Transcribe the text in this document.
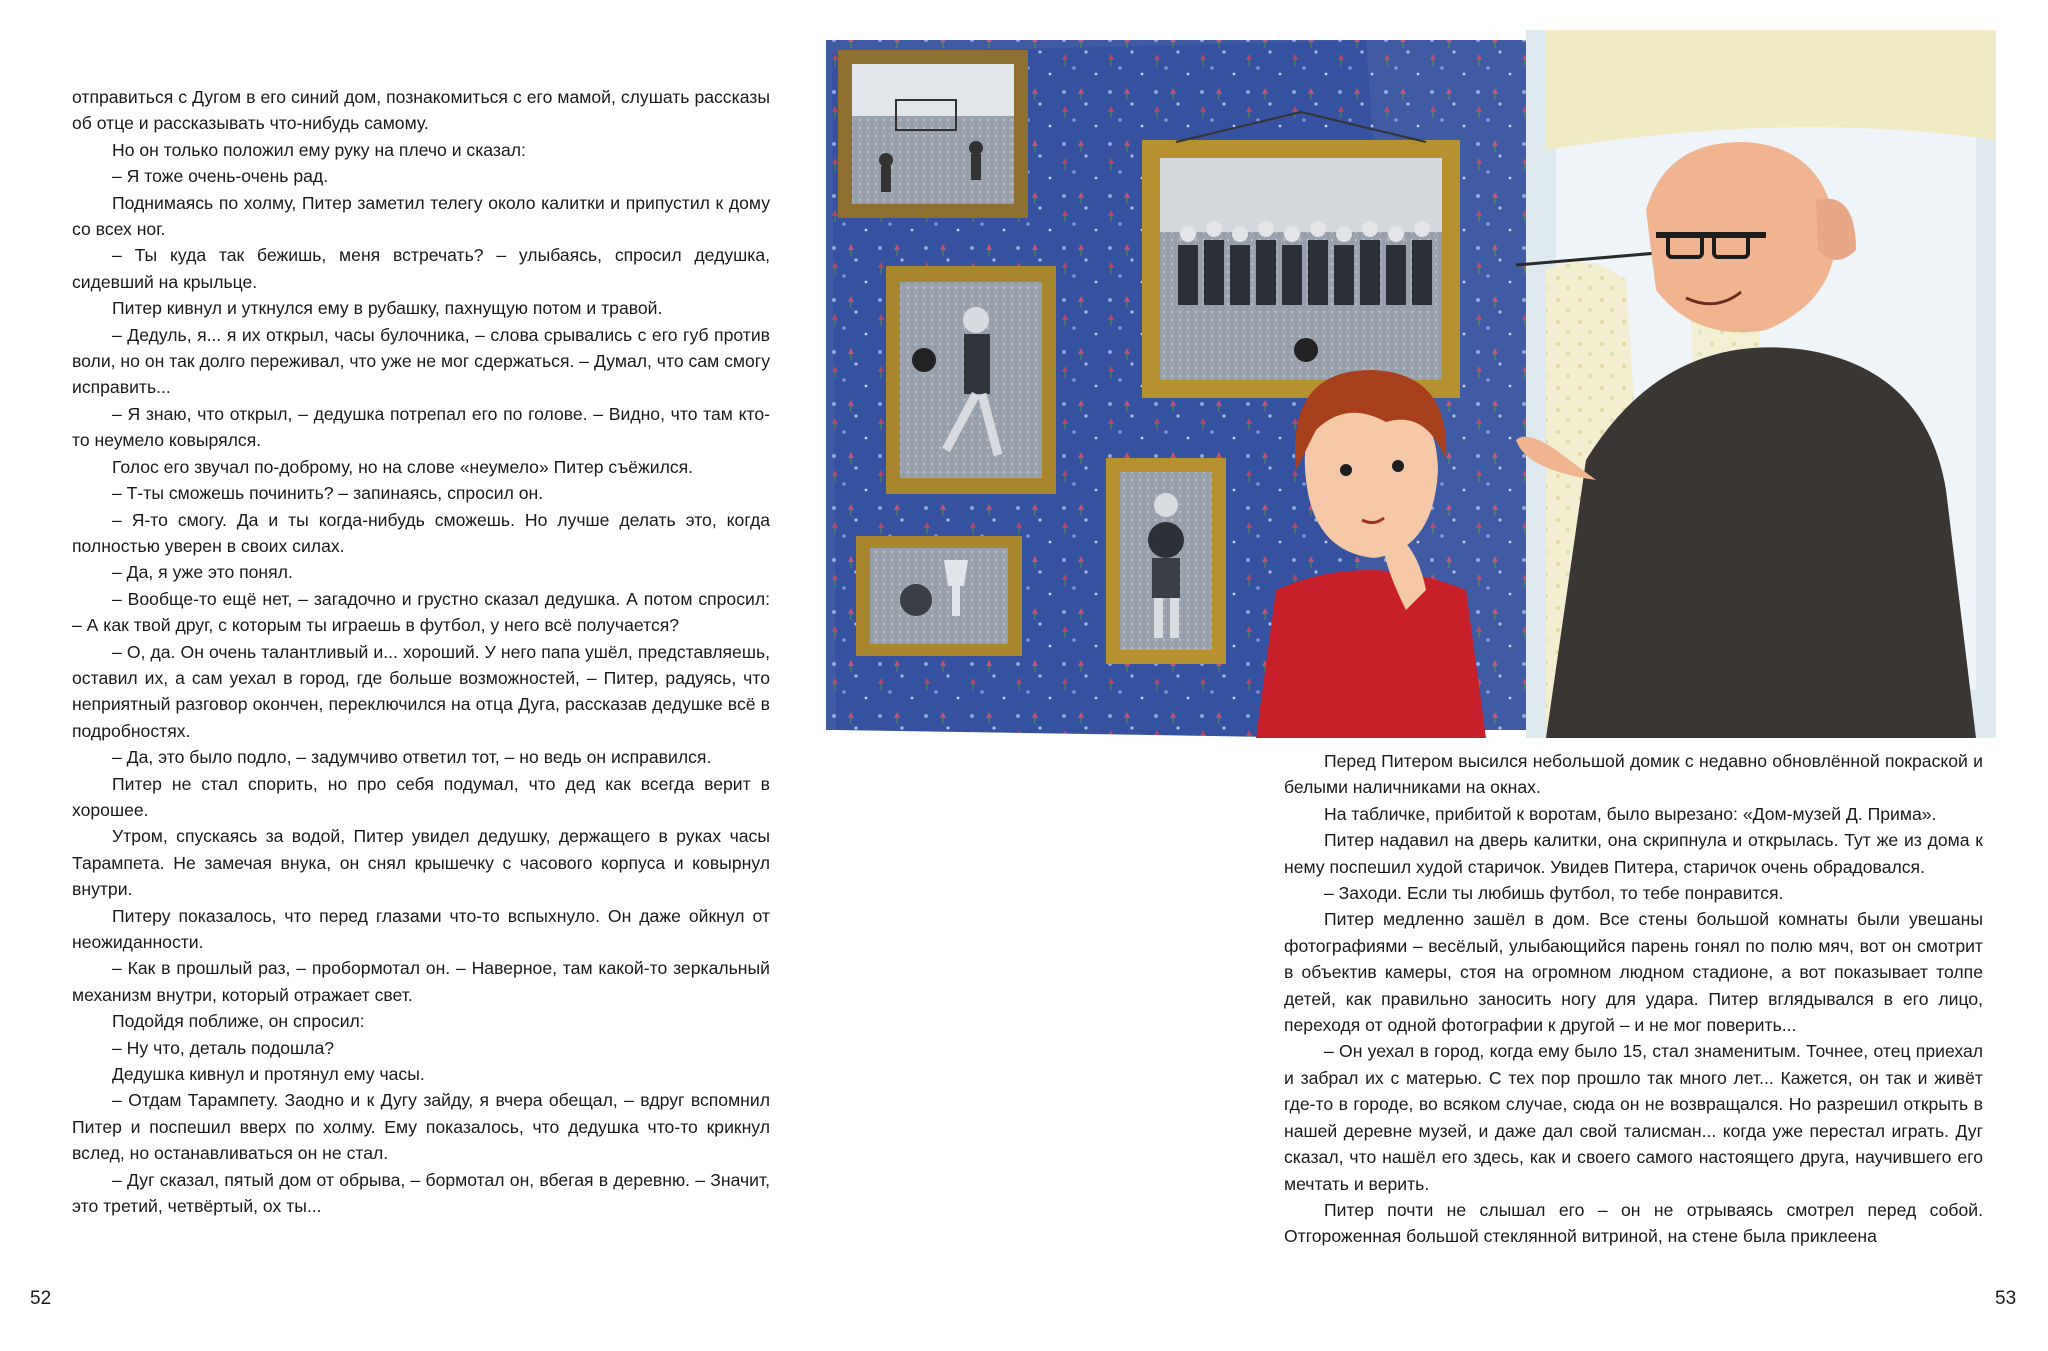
отправиться с Дугом в его синий дом, познакомиться с его мамой, слушать рассказы об отце и рассказывать что-нибудь самому.

Но он только положил ему руку на плечо и сказал:

– Я тоже очень-очень рад.

Поднимаясь по холму, Питер заметил телегу около калитки и припустил к дому со всех ног.

– Ты куда так бежишь, меня встречать? – улыбаясь, спросил дедушка, сидевший на крыльце.

Питер кивнул и уткнулся ему в рубашку, пахнущую потом и травой.

– Дедуль, я... я их открыл, часы булочника, – слова срывались с его губ против воли, но он так долго переживал, что уже не мог сдержаться. – Думал, что сам смогу исправить...

– Я знаю, что открыл, – дедушка потрепал его по голове. – Видно, что там кто-то неумело ковырялся.

Голос его звучал по-доброму, но на слове «неумело» Питер съёжился.

– Т-ты сможешь починить? – запинаясь, спросил он.

– Я-то смогу. Да и ты когда-нибудь сможешь. Но лучше делать это, когда полностью уверен в своих силах.

– Да, я уже это понял.

– Вообще-то ещё нет, – загадочно и грустно сказал дедушка. А потом спросил: – А как твой друг, с которым ты играешь в футбол, у него всё получается?

– О, да. Он очень талантливый и... хороший. У него папа ушёл, представляешь, оставил их, а сам уехал в город, где больше возможностей, – Питер, радуясь, что неприятный разговор окончен, переключился на отца Дуга, рассказав дедушке всё в подробностях.

– Да, это было подло, – задумчиво ответил тот, – но ведь он исправился.

Питер не стал спорить, но про себя подумал, что дед как всегда верит в хорошее.

Утром, спускаясь за водой, Питер увидел дедушку, держащего в руках часы Тарампета. Не замечая внука, он снял крышечку с часового корпуса и ковырнул внутри.

Питеру показалось, что перед глазами что-то вспыхнуло. Он даже ойкнул от неожиданности.

– Как в прошлый раз, – пробормотал он. – Наверное, там какой-то зеркальный механизм внутри, который отражает свет.

Подойдя поближе, он спросил:

– Ну что, деталь подошла?

Дедушка кивнул и протянул ему часы.

– Отдам Тарампету. Заодно и к Дугу зайду, я вчера обещал, – вдруг вспомнил Питер и поспешил вверх по холму. Ему показалось, что дедушка что-то крикнул вслед, но останавливаться он не стал.

– Дуг сказал, пятый дом от обрыва, – бормотал он, вбегая в деревню. – Значит, это третий, четвёртый, ох ты...

Перед Питером высился небольшой домик с недавно обновлённой покраской и белыми наличниками на окнах.

На табличке, прибитой к воротам, было вырезано: «Дом-музей Д. Прима».

Питер надавил на дверь калитки, она скрипнула и открылась. Тут же из дома к нему поспешил худой старичок. Увидев Питера, старичок очень обрадовался.

– Заходи. Если ты любишь футбол, то тебе понравится.

Питер медленно зашёл в дом. Все стены большой комнаты были увешаны фотографиями – весёлый, улыбающийся парень гонял по полю мяч, вот он смотрит в объектив камеры, стоя на огромном людном стадионе, а вот показывает толпе детей, как правильно заносить ногу для удара. Питер вглядывался в его лицо, переходя от одной фотографии к другой – и не мог поверить...

– Он уехал в город, когда ему было 15, стал знаменитым. Точнее, отец приехал и забрал их с матерью. С тех пор прошло так много лет... Кажется, он так и живёт где-то в городе, во всяком случае, сюда он не возвращался. Но разрешил открыть в нашей деревне музей, и даже дал свой талисман... когда уже перестал играть. Дуг сказал, что нашёл его здесь, как и своего самого настоящего друга, научившего его мечтать и верить.

Питер почти не слышал его – он не отрываясь смотрел перед собой. Отгороженная большой стеклянной витриной, на стене была приклеена

52	53
